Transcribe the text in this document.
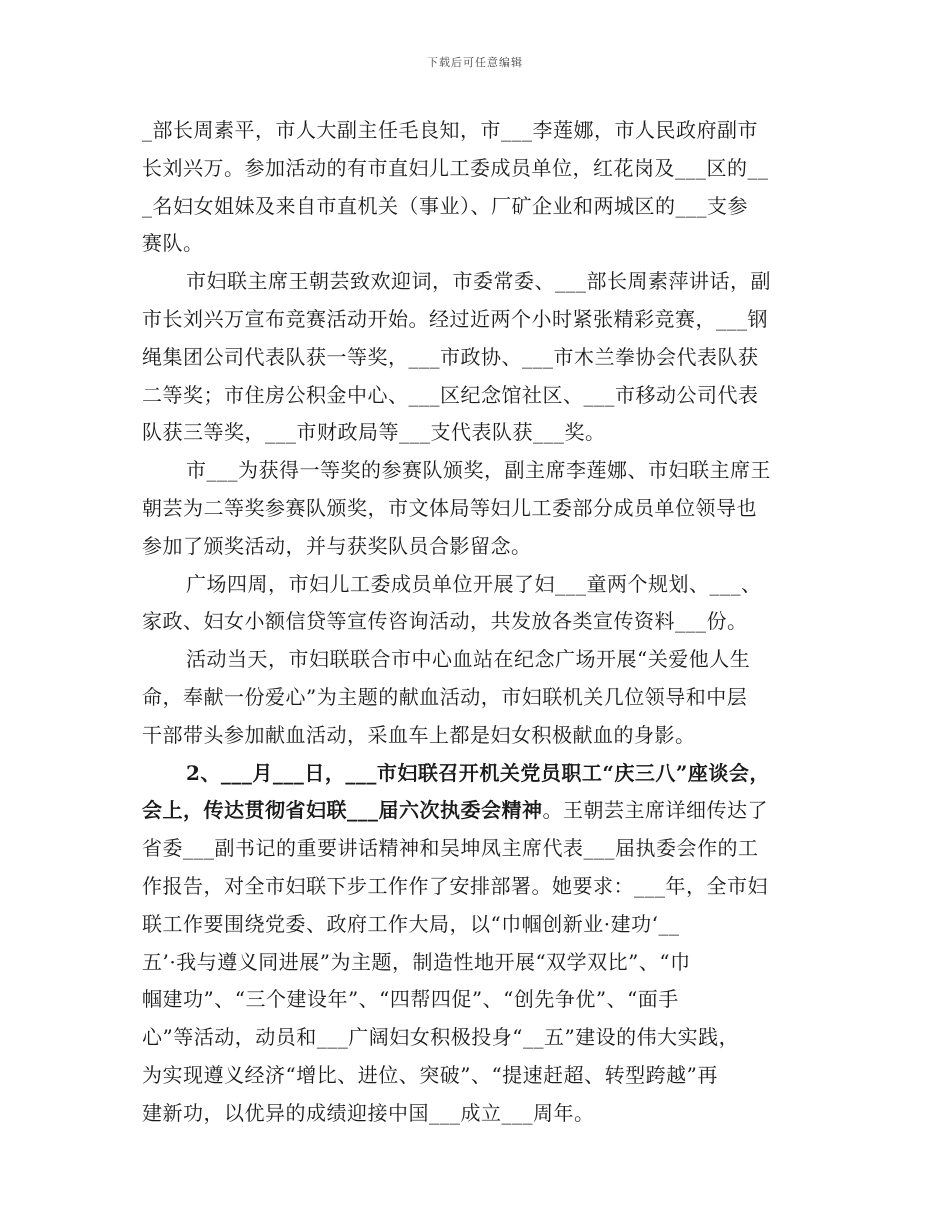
下载后可任意编辑
_部长周素平，市人大副主任毛良知，市___李莲娜，市人民政府副市
长刘兴万。参加活动的有市直妇儿工委成员单位，红花岗及___区的__
_名妇女姐妹及来自市直机关（事业）、厂矿企业和两城区的___支参
赛队。
市妇联主席王朝芸致欢迎词，市委常委、___部长周素萍讲话，副
市长刘兴万宣布竞赛活动开始。经过近两个小时紧张精彩竞赛，___钢
绳集团公司代表队获一等奖，___市政协、___市木兰拳协会代表队获
二等奖；市住房公积金中心、___区纪念馆社区、___市移动公司代表
队获三等奖，___市财政局等___支代表队获___奖。
市___为获得一等奖的参赛队颁奖，副主席李莲娜、市妇联主席王
朝芸为二等奖参赛队颁奖，市文体局等妇儿工委部分成员单位领导也
参加了颁奖活动，并与获奖队员合影留念。
广场四周，市妇儿工委成员单位开展了妇___童两个规划、___、
家政、妇女小额信贷等宣传咨询活动，共发放各类宣传资料___份。
活动当天，市妇联联合市中心血站在纪念广场开展“关爱他人生
命，奉献一份爱心”为主题的献血活动，市妇联机关几位领导和中层
干部带头参加献血活动，采血车上都是妇女积极献血的身影。
2、___月___日，___市妇联召开机关党员职工“庆三八”座谈会，
会上，传达贯彻省妇联___届六次执委会精神。王朝芸主席详细传达了
省委___副书记的重要讲话精神和吴坤凤主席代表___届执委会作的工
作报告，对全市妇联下步工作作了安排部署。她要求：___年，全市妇
联工作要围绕党委、政府工作大局，以“巾帼创新业·建功‘__
五’·我与遵义同进展”为主题，制造性地开展“双学双比”、“巾
帼建功”、“三个建设年”、“四帮四促”、“创先争优”、“面手
心”等活动，动员和___广阔妇女积极投身“__五”建设的伟大实践，
为实现遵义经济“增比、进位、突破”、“提速赶超、转型跨越”再
建新功，以优异的成绩迎接中国___成立___周年。
